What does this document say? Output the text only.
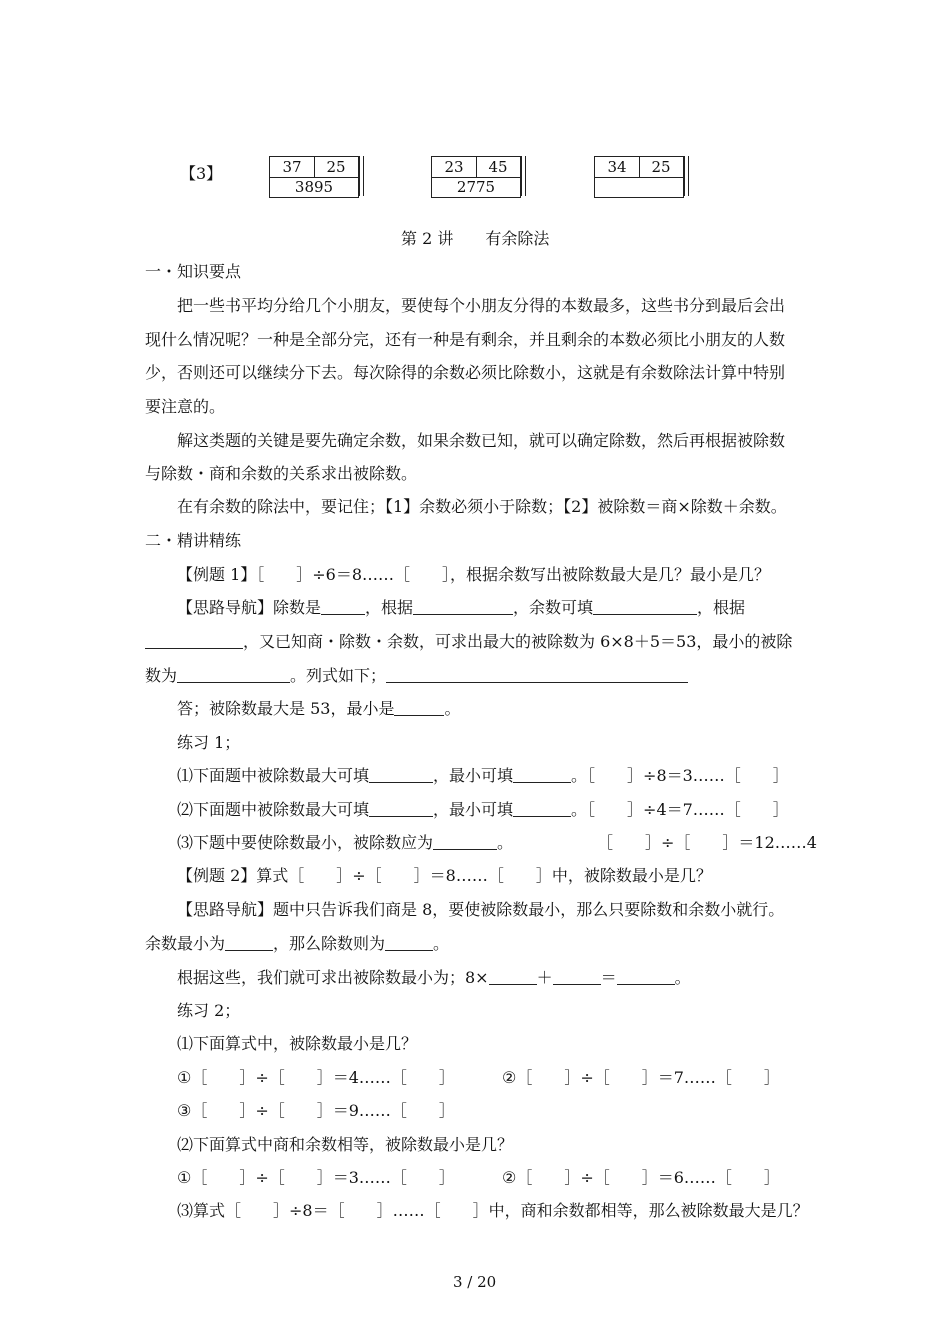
【3】	37	25
3895
23	45
2775
34	25
第 2 讲　　有余除法
一・知识要点
把一些书平均分给几个小朋友，要使每个小朋友分得的本数最多，这些书分到最后会出
现什么情况呢？一种是全部分完，还有一种是有剩余，并且剩余的本数必须比小朋友的人数
少，否则还可以继续分下去。每次除得的余数必须比除数小，这就是有余数除法计算中特别
要注意的。
解这类题的关键是要先确定余数，如果余数已知，就可以确定除数，然后再根据被除数
与除数・商和余数的关系求出被除数。
在有余数的除法中，要记住；【1】余数必须小于除数；【2】被除数＝商×除数＋余数。
二・精讲精练
【例题 1】［　　］÷6＝8……［　　］，根据余数写出被除数最大是几？最小是几？
【思路导航】除数是	，根据	，余数可填	，根据
，又已知商・除数・余数，可求出最大的被除数为 6×8＋5＝53，最小的被除
数为	。列式如下；
答；被除数最大是 53，最小是	。
练习 1；
⑴下面题中被除数最大可填	，最小可填	。［　　］÷8＝3……［　　］
⑵下面题中被除数最大可填	，最小可填	。［　　］÷4＝7……［　　］
⑶下题中要使除数最小，被除数应为	。	［　　］÷［　　］＝12……4
【例题 2】算式［　　］÷［　　］＝8……［　　］中，被除数最小是几？
【思路导航】题中只告诉我们商是 8，要使被除数最小，那么只要除数和余数小就行。
余数最小为	，那么除数则为	。
根据这些，我们就可求出被除数最小为；8×	＋	＝	。
练习 2；
⑴下面算式中，被除数最小是几？
①［　　］÷［　　］＝4……［　　］	②［　　］÷［　　］＝7……［　　］
③［　　］÷［　　］＝9……［　　］
⑵下面算式中商和余数相等，被除数最小是几？
①［　　］÷［　　］＝3……［　　］	②［　　］÷［　　］＝6……［　　］
⑶算式［　　］÷8＝［　　］……［　　］中，商和余数都相等，那么被除数最大是几？
3 / 20
